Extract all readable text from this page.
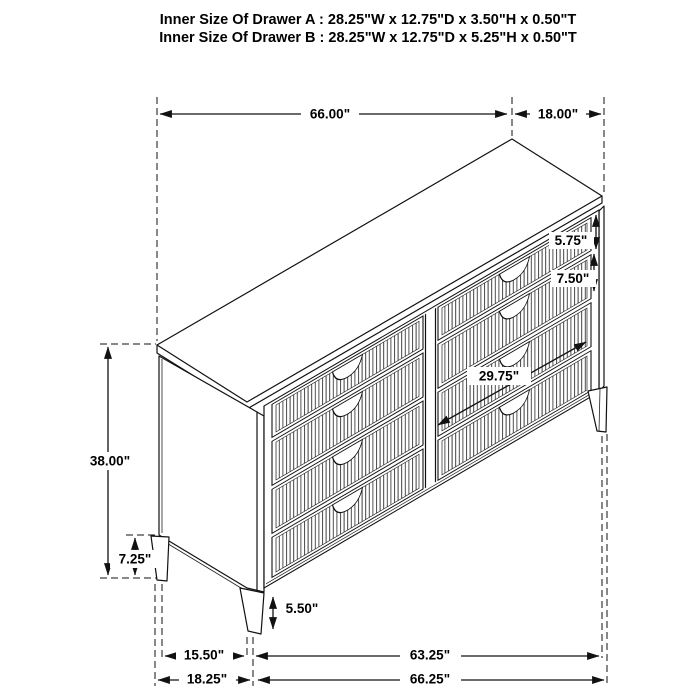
Inner Size Of Drawer A : 28.25"W x 12.75"D x 3.50"H x 0.50"T
Inner Size Of Drawer B : 28.25"W x 12.75"D x 5.25"H x 0.50"T
66.00"	18.00"
5.75"
7.50"
29.75"
38.00"
7.25"
5.50"
15.50"	63.25"
18.25"	66.25"
